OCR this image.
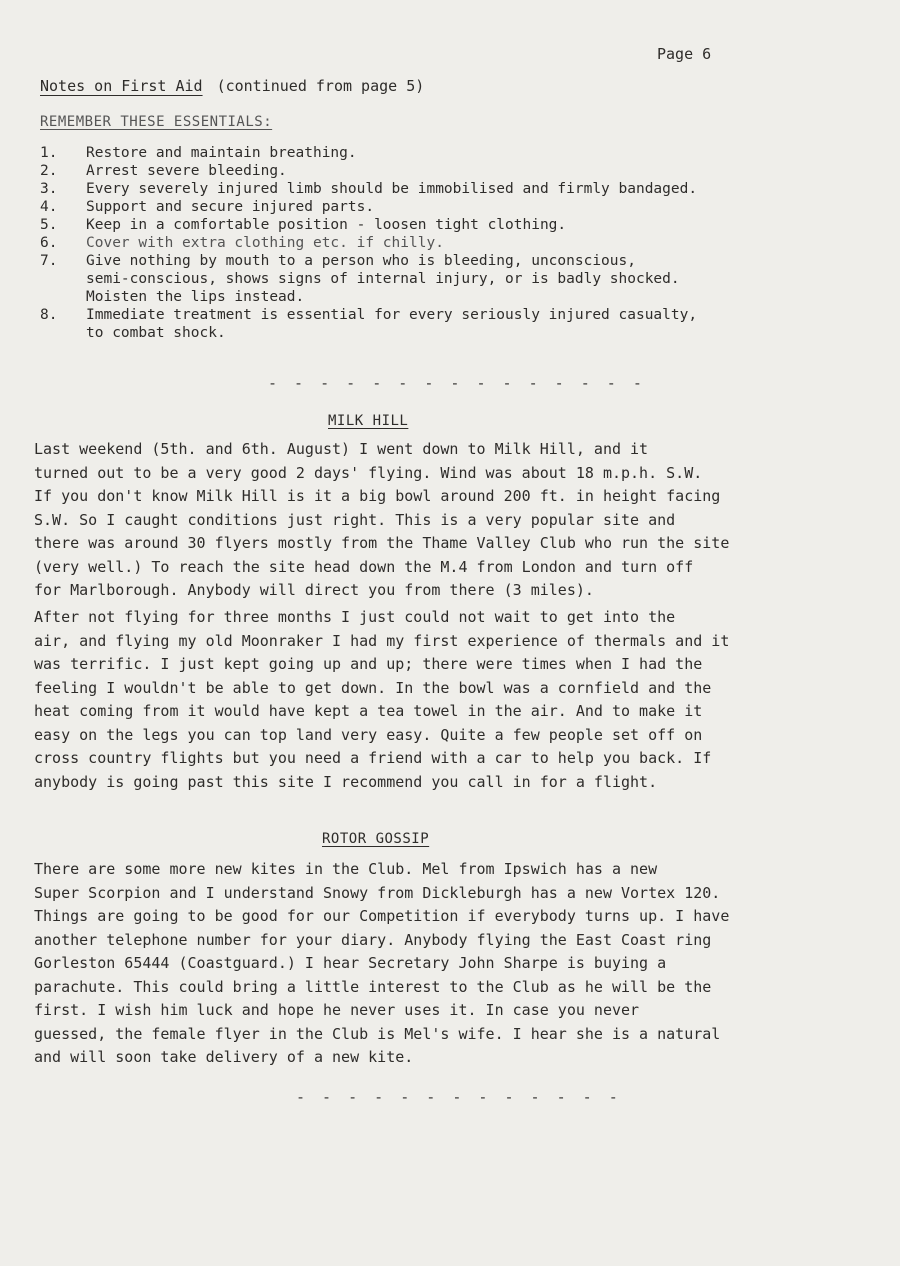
Page 6
Notes on First Aid (continued from page 5)
REMEMBER THESE ESSENTIALS:
1.	Restore and maintain breathing.
2.	Arrest severe bleeding.
3.	Every severely injured limb should be immobilised and firmly bandaged.
4.	Support and secure injured parts.
5.	Keep in a comfortable position - loosen tight clothing.
6.	Cover with extra clothing etc. if chilly.
7.	Give nothing by mouth to a person who is bleeding, unconscious,
semi-conscious, shows signs of internal injury, or is badly shocked.
Moisten the lips instead.
8.	Immediate treatment is essential for every seriously injured casualty,
to combat shock.
- - - - - - - - - - - - - - -
MILK HILL
Last weekend (5th. and 6th. August) I went down to Milk Hill, and it
turned out to be a very good 2 days' flying. Wind was about 18 m.p.h. S.W.
If you don't know Milk Hill is it a big bowl around 200 ft. in height facing
S.W. So I caught conditions just right. This is a very popular site and
there was around 30 flyers mostly from the Thame Valley Club who run the site
(very well.) To reach the site head down the M.4 from London and turn off
for Marlborough. Anybody will direct you from there (3 miles).
After not flying for three months I just could not wait to get into the
air, and flying my old Moonraker I had my first experience of thermals and it
was terrific. I just kept going up and up; there were times when I had the
feeling I wouldn't be able to get down. In the bowl was a cornfield and the
heat coming from it would have kept a tea towel in the air. And to make it
easy on the legs you can top land very easy. Quite a few people set off on
cross country flights but you need a friend with a car to help you back. If
anybody is going past this site I recommend you call in for a flight.
ROTOR GOSSIP
There are some more new kites in the Club. Mel from Ipswich has a new
Super Scorpion and I understand Snowy from Dickleburgh has a new Vortex 120.
Things are going to be good for our Competition if everybody turns up. I have
another telephone number for your diary. Anybody flying the East Coast ring
Gorleston 65444 (Coastguard.) I hear Secretary John Sharpe is buying a
parachute. This could bring a little interest to the Club as he will be the
first. I wish him luck and hope he never uses it. In case you never
guessed, the female flyer in the Club is Mel's wife. I hear she is a natural
and will soon take delivery of a new kite.
- - - - - - - - - - - - -
